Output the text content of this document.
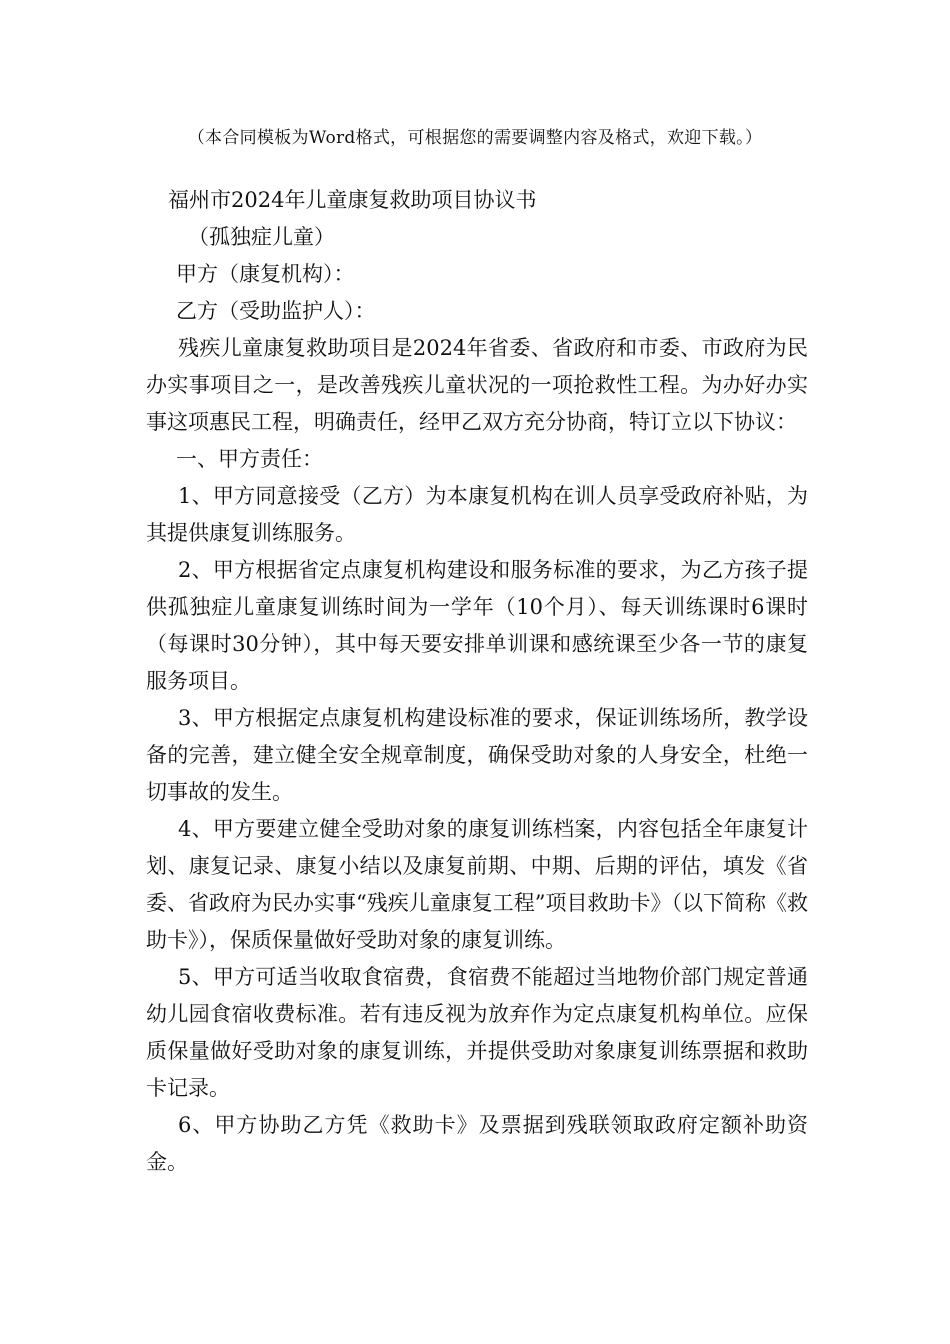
（本合同模板为Word格式，可根据您的需要调整内容及格式，欢迎下载。）
福州市2024年儿童康复救助项目协议书

（孤独症儿童）

甲方（康复机构）：

乙方（受助监护人）：

残疾儿童康复救助项目是2024年省委、省政府和市委、市政府为民办实事项目之一，是改善残疾儿童状况的一项抢救性工程。为办好办实事这项惠民工程，明确责任，经甲乙双方充分协商，特订立以下协议：

一、甲方责任：

1、甲方同意接受（乙方）为本康复机构在训人员享受政府补贴，为其提供康复训练服务。

2、甲方根据省定点康复机构建设和服务标准的要求，为乙方孩子提供孤独症儿童康复训练时间为一学年（10个月）、每天训练课时6课时（每课时30分钟），其中每天要安排单训课和感统课至少各一节的康复服务项目。

3、甲方根据定点康复机构建设标准的要求，保证训练场所，教学设备的完善，建立健全安全规章制度，确保受助对象的人身安全，杜绝一切事故的发生。

4、甲方要建立健全受助对象的康复训练档案，内容包括全年康复计划、康复记录、康复小结以及康复前期、中期、后期的评估，填发《省委、省政府为民办实事“残疾儿童康复工程”项目救助卡》（以下简称《救助卡》），保质保量做好受助对象的康复训练。

5、甲方可适当收取食宿费，食宿费不能超过当地物价部门规定普通幼儿园食宿收费标准。若有违反视为放弃作为定点康复机构单位。应保质保量做好受助对象的康复训练，并提供受助对象康复训练票据和救助卡记录。

6、甲方协助乙方凭《救助卡》及票据到残联领取政府定额补助资金。
